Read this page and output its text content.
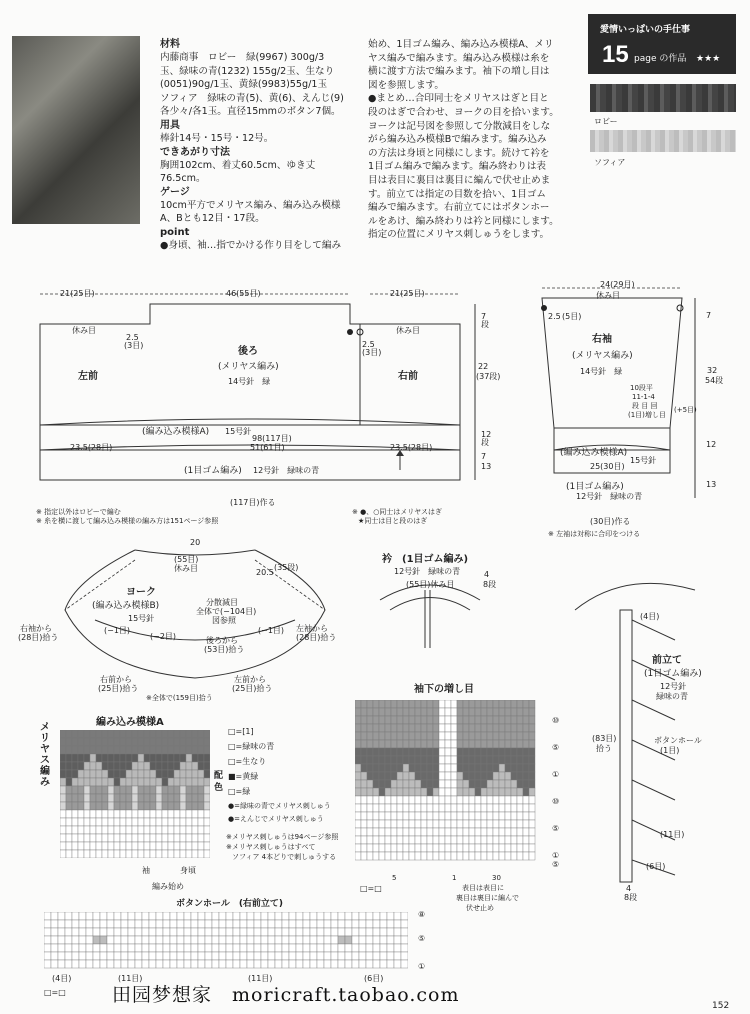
材料
内藤商事　ロビー　緑(9967) 300g/3
玉、緑味の青(1232) 155g/2玉、生なり
(0051)90g/1玉、黄緑(9983)55g/1玉
ソフィア　緑味の青(5)、黄(6)、えんじ(9)
各少々/各1玉。直径15mmのボタン7個。
用具
棒針14号・15号・12号。
できあがり寸法
胸囲102cm、着丈60.5cm、ゆき丈76.5cm。
ゲージ
10cm平方でメリヤス編み、編み込み模様
A、Bとも12目・17段。
point
●身頃、袖…指でかける作り目をして編み
始め、1目ゴム編み、編み込み模様A、メリ
ヤス編みで編みます。編み込み模様は糸を
横に渡す方法で編みます。袖下の増し目は
図を参照します。
●まとめ…合印同士をメリヤスはぎと目と
段のはぎで合わせ、ヨークの目を拾います。
ヨークは記号図を参照して分散減目をしな
がら編み込み模様Bで編みます。編み込み
の方法は身頃と同様にします。続けて衿を
1目ゴム編みで編みます。編み終わりは表
目は表目に裏目は裏目に編んで伏せ止めま
す。前立ては指定の目数を拾い、1目ゴム
編みで編みます。右前立てにはボタンホー
ルをあけ、編み終わりは衿と同様にします。
指定の位置にメリヤス刺しゅうをします。
愛情いっぱいの手仕事
15 page の作品 ★★★
ロビー
ソフィア
21(25目)	46(55目)	21(25目)
休み目	休み目
2.5
(3目)	2.5
(3目)
後ろ
(メリヤス編み)
14号針　緑
左前	右前
7
段
22
(37段)
(編み込み模様A) 15号針
98(117目)
23.5(28目)	51(61目)	23.5(28目)
12
段
(1目ゴム編み) 12号針　緑味の青	13
7
(117目)作る
※ 指定以外はロビーで編む
※ 糸を横に渡して編み込み模様の編み方は151ページ参照
※ ●、○同士はメリヤスはぎ
★同士は目と段のはぎ
24(29目)
休み目
2.5 (5目)
右袖
(メリヤス編み)
14号針　緑	32
54段
10段平
11-1-4
段 目 回
(1目)増し目
(+5目)
(編み込み模様A)
15号針
25(30目)
(1目ゴム編み)
12号針　緑味の青
12
13
7
(30目)作る
※ 左袖は対称に合印をつける
20
(55目)
休み目	20.5
(35段)
ヨーク
(編み込み模様B)
15号針
分散減目
全体で(−104目)
図参照
(−1目)
(−2目)
(−1目)
右袖から
(28目)拾う
左袖から
(28目)拾う
後ろから
(53目)拾う
右前から
(25目)拾う
左前から
(25目)拾う
※全体で(159目)拾う
衿　(1目ゴム編み)
12号針　緑味の青
(55目)休み目
4
8段
(4目)
前立て
(1目ゴム編み)
12号針
緑味の青
(83目)
拾う
ボタンホール
(1目)
(11目)
(6目)
4
8段
編み込み模様A
メリヤス編み
袖	身頃
編み始め
配色
□=[1]
□=緑味の青
□=生なり
■=黄緑
□=緑
●=緑味の青でメリヤス刺しゅう
●=えんじでメリヤス刺しゅう
※メリヤス刺しゅうは94ページ参照
※メリヤス刺しゅうはすべて
ソフィア 4本どりで刺しゅうする
袖下の増し目
⑩
⑤
①
⑩
⑤
①
⑤
5	1	30
□=□	表目は表目に
裏目は裏目に編んで
伏せ止め
ボタンホール　(右前立て)
⑧
⑤
①
(4目)	(11目)	(11目)	(6目)
□=□ 田园梦想家　moricraft.taobao.com	152
